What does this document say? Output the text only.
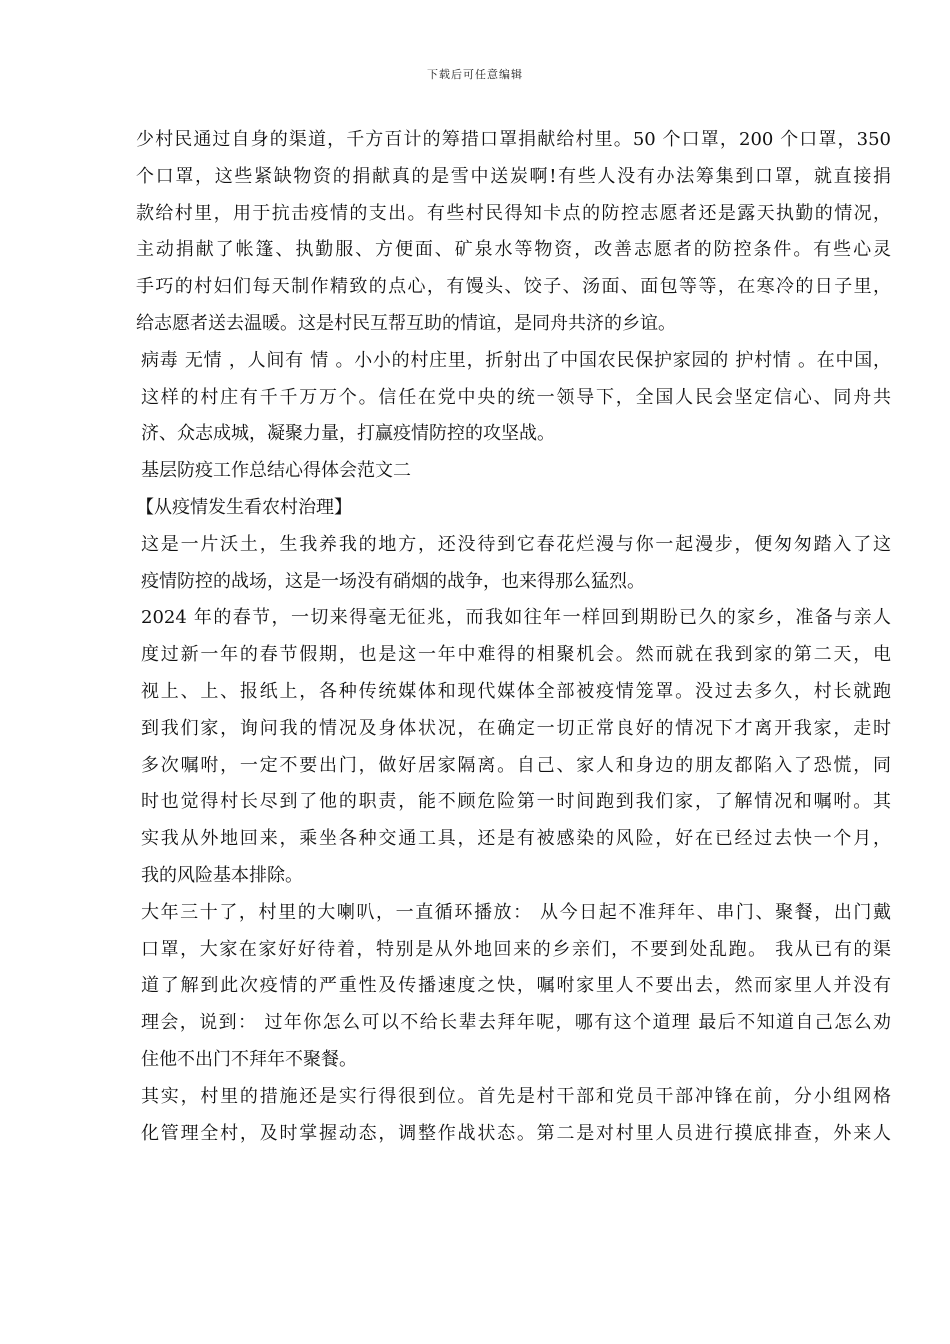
下载后可任意编辑
少村民通过自身的渠道，千方百计的筹措口罩捐献给村里。50 个口罩，200 个口罩，350
个口罩，这些紧缺物资的捐献真的是雪中送炭啊!有些人没有办法筹集到口罩，就直接捐
款给村里，用于抗击疫情的支出。有些村民得知卡点的防控志愿者还是露天执勤的情况，
主动捐献了帐篷、执勤服、方便面、矿泉水等物资，改善志愿者的防控条件。有些心灵
手巧的村妇们每天制作精致的点心，有馒头、饺子、汤面、面包等等，在寒冷的日子里，
给志愿者送去温暖。这是村民互帮互助的情谊，是同舟共济的乡谊。
病毒 无情 ，人间有 情 。小小的村庄里，折射出了中国农民保护家园的 护村情 。在中国，
这样的村庄有千千万万个。信任在党中央的统一领导下，全国人民会坚定信心、同舟共
济、众志成城，凝聚力量，打赢疫情防控的攻坚战。
基层防疫工作总结心得体会范文二
【从疫情发生看农村治理】
这是一片沃土，生我养我的地方，还没待到它春花烂漫与你一起漫步，便匆匆踏入了这
疫情防控的战场，这是一场没有硝烟的战争，也来得那么猛烈。
2024 年的春节，一切来得毫无征兆，而我如往年一样回到期盼已久的家乡，准备与亲人
度过新一年的春节假期，也是这一年中难得的相聚机会。然而就在我到家的第二天，电
视上、上、报纸上，各种传统媒体和现代媒体全部被疫情笼罩。没过去多久，村长就跑
到我们家，询问我的情况及身体状况，在确定一切正常良好的情况下才离开我家，走时
多次嘱咐，一定不要出门，做好居家隔离。自己、家人和身边的朋友都陷入了恐慌，同
时也觉得村长尽到了他的职责，能不顾危险第一时间跑到我们家，了解情况和嘱咐。其
实我从外地回来，乘坐各种交通工具，还是有被感染的风险，好在已经过去快一个月，
我的风险基本排除。
大年三十了，村里的大喇叭，一直循环播放： 从今日起不准拜年、串门、聚餐，出门戴
口罩，大家在家好好待着，特别是从外地回来的乡亲们，不要到处乱跑。 我从已有的渠
道了解到此次疫情的严重性及传播速度之快，嘱咐家里人不要出去，然而家里人并没有
理会，说到： 过年你怎么可以不给长辈去拜年呢，哪有这个道理 最后不知道自己怎么劝
住他不出门不拜年不聚餐。
其实，村里的措施还是实行得很到位。首先是村干部和党员干部冲锋在前，分小组网格
化管理全村，及时掌握动态，调整作战状态。第二是对村里人员进行摸底排查，外来人
